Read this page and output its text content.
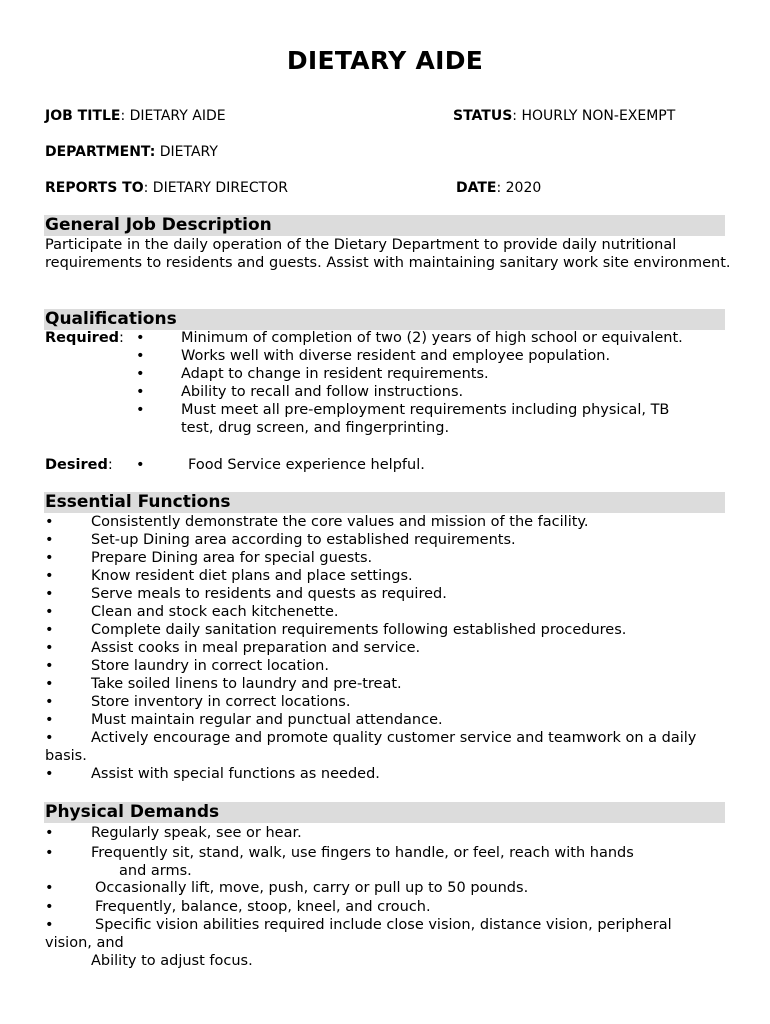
DIETARY AIDE
JOB TITLE: DIETARY AIDE	STATUS: HOURLY NON-EXEMPT
DEPARTMENT: DIETARY
REPORTS TO: DIETARY DIRECTOR	DATE: 2020
General Job Description
Participate in the daily operation of the Dietary Department to provide daily nutritional requirements to residents and guests. Assist with maintaining sanitary work site environment.
Qualifications
Required: •	Minimum of completion of two (2) years of high school or equivalent.
•	Works well with diverse resident and employee population.
•	Adapt to change in resident requirements.
•	Ability to recall and follow instructions.
•	Must meet all pre-employment requirements including physical, TB
test, drug screen, and fingerprinting.
Desired: •	Food Service experience helpful.
Essential Functions
•	Consistently demonstrate the core values and mission of the facility.
•	Set-up Dining area according to established requirements.
•	Prepare Dining area for special guests.
•	Know resident diet plans and place settings.
•	Serve meals to residents and quests as required.
•	Clean and stock each kitchenette.
•	Complete daily sanitation requirements following established procedures.
•	Assist cooks in meal preparation and service.
•	Store laundry in correct location.
•	Take soiled linens to laundry and pre-treat.
•	Store inventory in correct locations.
•	Must maintain regular and punctual attendance.
•	Actively encourage and promote quality customer service and teamwork on a daily
basis.
•	Assist with special functions as needed.
Physical Demands
•	Regularly speak, see or hear.
•	Frequently sit, stand, walk, use fingers to handle, or feel, reach with hands
and arms.
•	Occasionally lift, move, push, carry or pull up to 50 pounds.
•	Frequently, balance, stoop, kneel, and crouch.
•	Specific vision abilities required include close vision, distance vision, peripheral
vision, and
Ability to adjust focus.
